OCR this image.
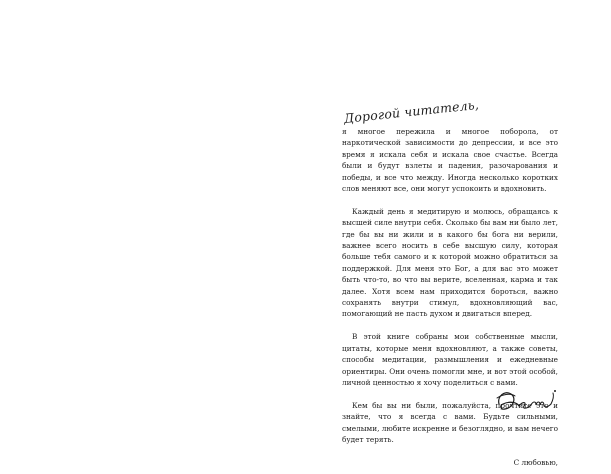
Дорогой читатель,

я многое пережила и многое поборола, от наркотической зависимости до депрессии, и все это время я искала себя и искала свое счастье. Всегда были и будут взлеты и падения, разочарования и победы, и все что между. Иногда несколько коротких слов меняют все, они могут успокоить и вдохновить.

Каждый день я медитирую и молюсь, обращаясь к высшей силе внутри себя. Сколько бы вам ни было лет, где бы вы ни жили и в какого бы бога ни верили, важнее всего носить в себе высшую силу, которая больше тебя самого и к которой можно обратиться за поддержкой. Для меня это Бог, а для вас это может быть что-то, во что вы верите, вселенная, карма и так далее. Хотя всем нам приходится бороться, важно сохранять внутри стимул, вдохновляющий вас, помогающий не пасть духом и двигаться вперед.

В этой книге собраны мои собственные мысли, цитаты, которые меня вдохновляют, а также советы, способы медитации, размышления и ежедневные ориентиры. Они очень помогли мне, и вот этой особой, личной ценностью я хочу поделиться с вами.

Кем бы вы ни были, пожалуйста, прочтите это и знайте, что я всегда с вами. Будьте сильными, смелыми, любите искренне и безоглядно, и вам нечего будет терять.

С любовью,
